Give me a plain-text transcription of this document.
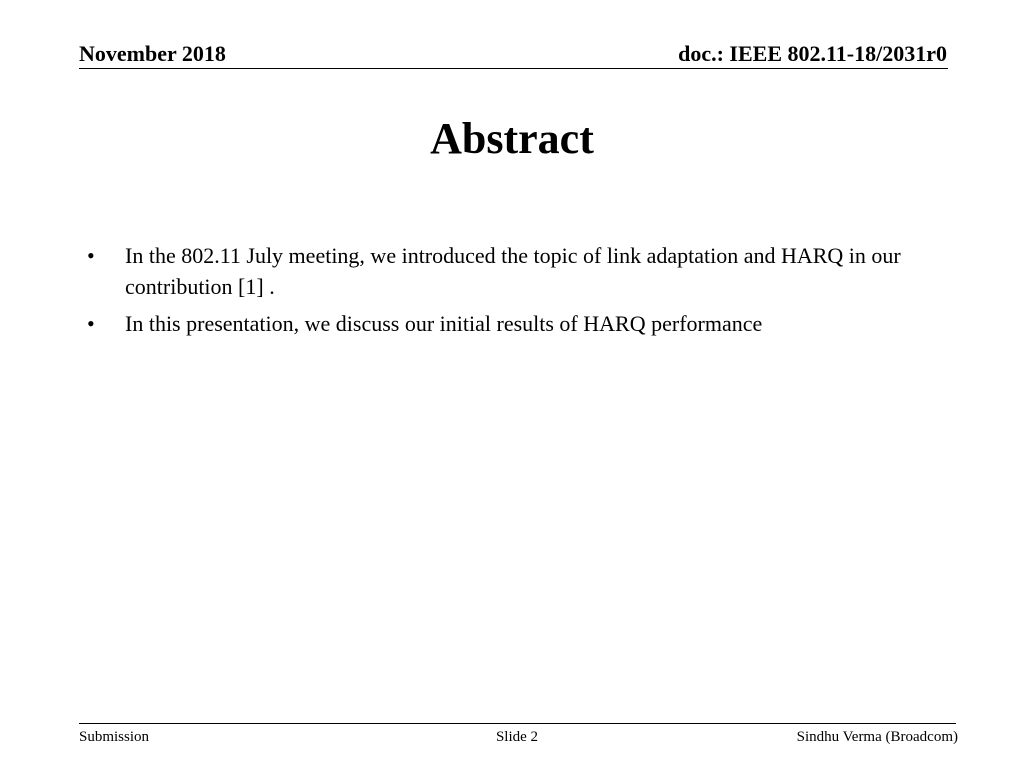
November 2018	doc.: IEEE 802.11-18/2031r0
Abstract
•	In the 802.11 July meeting, we introduced the topic of link adaptation and HARQ in our contribution [1] .
•	In this presentation, we discuss our initial results of HARQ performance
Submission	Slide 2	Sindhu Verma (Broadcom)
